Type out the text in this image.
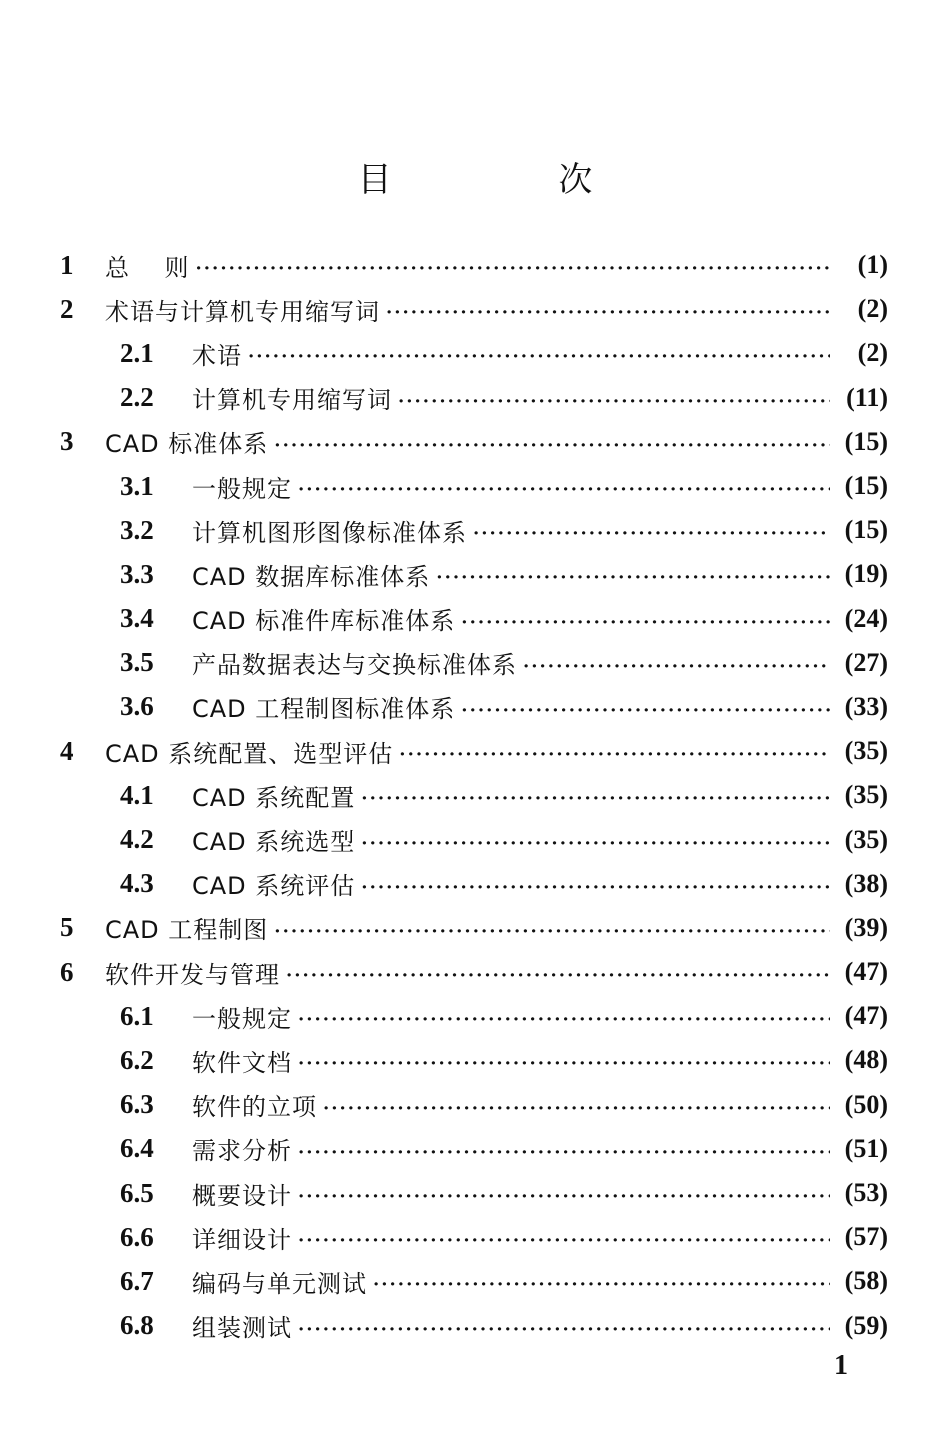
目 次
1	总    则 ·····	(1)
2	术语与计算机专用缩写词 ·····	(2)
2.1	术语 ·····	(2)
2.2	计算机专用缩写词 ·····	(11)
3	CAD 标准体系 ·····	(15)
3.1	一般规定 ·····	(15)
3.2	计算机图形图像标准体系 ·····	(15)
3.3	CAD 数据库标准体系 ·····	(19)
3.4	CAD 标准件库标准体系 ·····	(24)
3.5	产品数据表达与交换标准体系 ·····	(27)
3.6	CAD 工程制图标准体系 ·····	(33)
4	CAD 系统配置、选型评估 ·····	(35)
4.1	CAD 系统配置 ·····	(35)
4.2	CAD 系统选型 ·····	(35)
4.3	CAD 系统评估 ·····	(38)
5	CAD 工程制图 ·····	(39)
6	软件开发与管理 ·····	(47)
6.1	一般规定 ·····	(47)
6.2	软件文档 ·····	(48)
6.3	软件的立项 ·····	(50)
6.4	需求分析 ·····	(51)
6.5	概要设计 ·····	(53)
6.6	详细设计 ·····	(57)
6.7	编码与单元测试 ·····	(58)
6.8	组装测试 ·····	(59)
1
